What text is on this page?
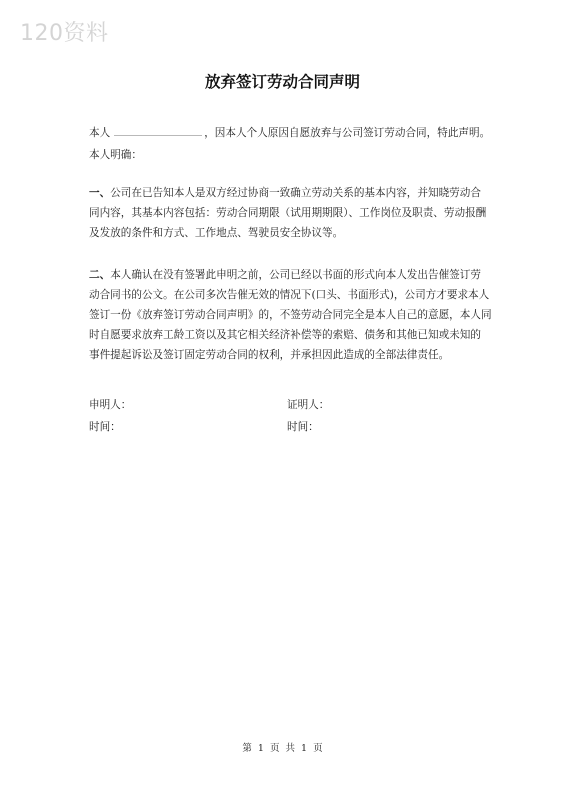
120资料
放弃签订劳动合同声明
本人	，因本人个人原因自愿放弃与公司签订劳动合同，特此声明。
本人明确：

一、公司在已告知本人是双方经过协商一致确立劳动关系的基本内容，并知晓劳动合

同内容，其基本内容包括：劳动合同期限（试用期期限）、工作岗位及职责、劳动报酬

及发放的条件和方式、工作地点、驾驶员安全协议等。

二、本人确认在没有签署此申明之前，公司已经以书面的形式向本人发出告催签订劳

动合同书的公文。在公司多次告催无效的情况下(口头、书面形式)，公司方才要求本人

签订一份《放弃签订劳动合同声明》的，不签劳动合同完全是本人自己的意愿，本人同

时自愿要求放弃工龄工资以及其它相关经济补偿等的索赔、债务和其他已知或未知的

事件提起诉讼及签订固定劳动合同的权利，并承担因此造成的全部法律责任。

申明人：	证明人：
时间：	时间：
第 1 页 共 1 页
